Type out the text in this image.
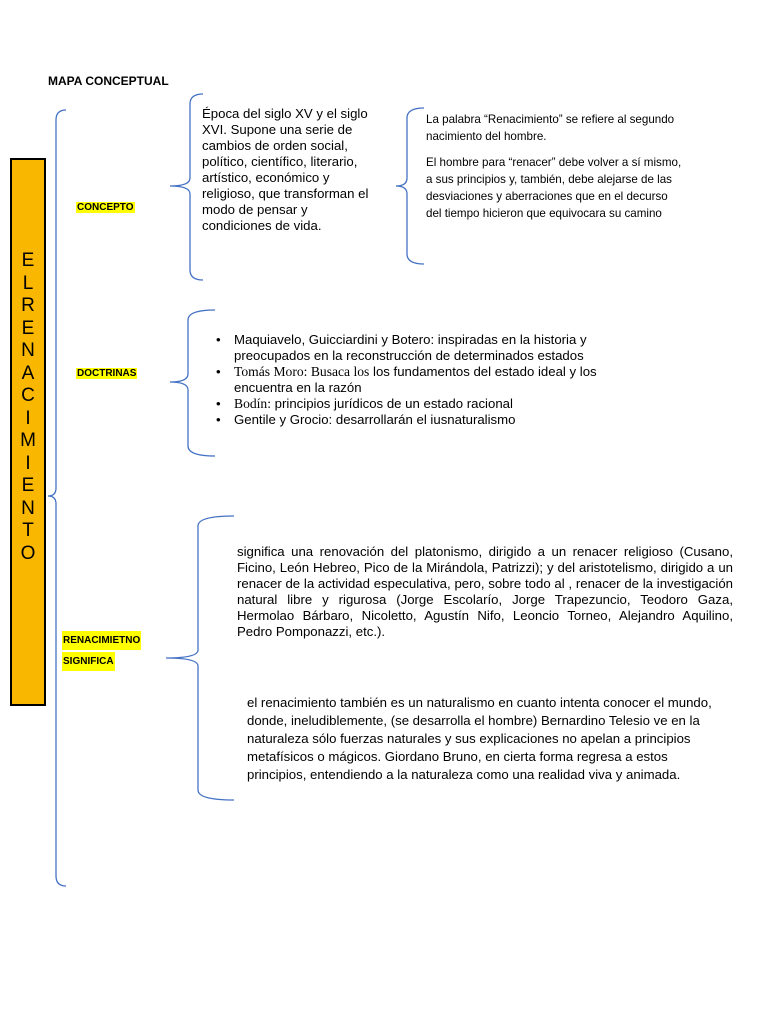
MAPA CONCEPTUAL
E
L
R
E
N
A
C
I
M
I
E
N
T
O
CONCEPTO
DOCTRINAS
RENACIMIETNO
SIGNIFICA
Época del siglo XV y el siglo XVI. Supone una serie de cambios de orden social, político, científico, literario, artístico, económico y religioso, que transforman el modo de pensar y condiciones de vida.
La palabra “Renacimiento” se refiere al segundo nacimiento del hombre.
El hombre para “renacer” debe volver a sí mismo, a sus principios y, también, debe alejarse de las desviaciones y aberraciones que en el decurso del tiempo hicieron que equivocara su camino
• Maquiavelo, Guicciardini y Botero: inspiradas en la historia y preocupados en la reconstrucción de determinados estados
• Tomás Moro: Busaca los los fundamentos del estado ideal y los encuentra en la razón
• Bodín: principios jurídicos de un estado racional
• Gentile y Grocio: desarrollarán el iusnaturalismo
significa una renovación del platonismo, dirigido a un renacer religioso (Cusano, Ficino, León Hebreo, Pico de la Mirándola, Patrizzi); y del aristotelismo, dirigido a un renacer de la actividad especulativa, pero, sobre todo al , renacer de la investigación natural libre y rigurosa (Jorge Escolarío, Jorge Trapezuncio, Teodoro Gaza, Hermolao Bárbaro, Nicoletto, Agustín Nifo, Leoncio Torneo, Alejandro Aquilino, Pedro Pomponazzi, etc.).
el renacimiento también es un naturalismo en cuanto intenta conocer el mundo, donde, ineludiblemente, (se desarrolla el hombre) Bernardino Telesio ve en la naturaleza sólo fuerzas naturales y sus explicaciones no apelan a principios metafísicos o mágicos. Giordano Bruno, en cierta forma regresa a estos principios, entendiendo a la naturaleza como una realidad viva y animada.
